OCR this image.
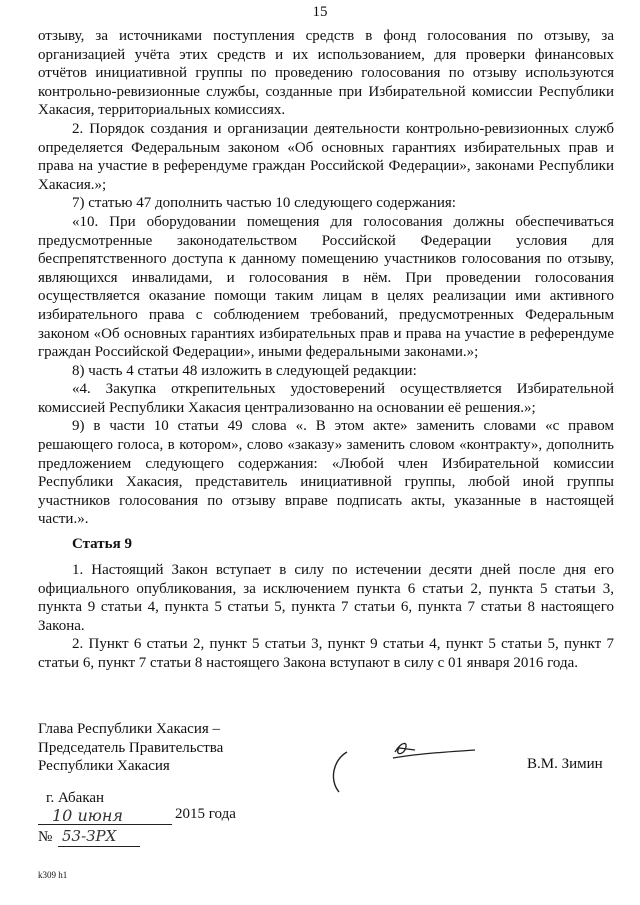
15

отзыву, за источниками поступления средств в фонд голосования по отзыву, за организацией учёта этих средств и их использованием, для проверки финансовых отчётов инициативной группы по проведению голосования по отзыву используются контрольно-ревизионные службы, созданные при Избирательной комиссии Республики Хакасия, территориальных комиссиях.

2. Порядок создания и организации деятельности контрольно-ревизионных служб определяется Федеральным законом «Об основных гарантиях избирательных прав и права на участие в референдуме граждан Российской Федерации», законами Республики Хакасия.»;

7) статью 47 дополнить частью 10 следующего содержания:

«10. При оборудовании помещения для голосования должны обеспечиваться предусмотренные законодательством Российской Федерации условия для беспрепятственного доступа к данному помещению участников голосования по отзыву, являющихся инвалидами, и голосования в нём. При проведении голосования осуществляется оказание помощи таким лицам в целях реализации ими активного избирательного права с соблюдением требований, предусмотренных Федеральным законом «Об основных гарантиях избирательных прав и права на участие в референдуме граждан Российской Федерации», иными федеральными законами.»;

8) часть 4 статьи 48 изложить в следующей редакции:

«4. Закупка открепительных удостоверений осуществляется Избирательной комиссией Республики Хакасия централизованно на основании её решения.»;

9) в части 10 статьи 49 слова «. В этом акте» заменить словами «с правом решающего голоса, в котором», слово «заказу» заменить словом «контракту», дополнить предложением следующего содержания: «Любой член Избирательной комиссии Республики Хакасия, представитель инициативной группы, любой иной группы участников голосования по отзыву вправе подписать акты, указанные в настоящей части.».

Статья 9

1. Настоящий Закон вступает в силу по истечении десяти дней после дня его официального опубликования, за исключением пункта 6 статьи 2, пункта 5 статьи 3, пункта 9 статьи 4, пункта 5 статьи 5, пункта 7 статьи 6, пункта 7 статьи 8 настоящего Закона.

2. Пункт 6 статьи 2, пункт 5 статьи 3, пункт 9 статьи 4, пункт 5 статьи 5, пункт 7 статьи 6, пункт 7 статьи 8 настоящего Закона вступают в силу с 01 января 2016 года.

Глава Республики Хакасия –
Председатель Правительства
Республики Хакасия	В.М. Зимин
г. Абакан
10 июня	2015 года
№ 53-ЗРХ
k309 h1
